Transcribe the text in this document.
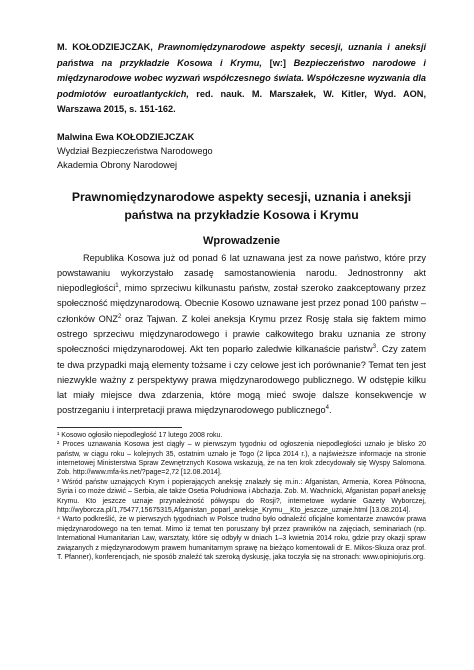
M. KOŁODZIEJCZAK, Prawnomiędzynarodowe aspekty secesji, uznania i aneksji państwa na przykładzie Kosowa i Krymu, [w:] Bezpieczeństwo narodowe i międzynarodowe wobec wyzwań współczesnego świata. Współczesne wyzwania dla podmiotów euroatlantyckich, red. nauk. M. Marszałek, W. Kitler, Wyd. AON, Warszawa 2015, s. 151-162.
Malwina Ewa KOŁODZIEJCZAK
Wydział Bezpieczeństwa Narodowego
Akademia Obrony Narodowej
Prawnomiędzynarodowe aspekty secesji, uznania i aneksji państwa na przykładzie Kosowa i Krymu
Wprowadzenie

Republika Kosowa już od ponad 6 lat uznawana jest za nowe państwo, które przy powstawaniu wykorzystało zasadę samostanowienia narodu. Jednostronny akt niepodległości$^1$, mimo sprzeciwu kilkunastu państw, został szeroko zaakceptowany przez społeczność międzynarodową. Obecnie Kosowo uznawane jest przez ponad 100 państw – członków ONZ$^2$ oraz Tajwan. Z kolei aneksja Krymu przez Rosję stała się faktem mimo ostrego sprzeciwu międzynarodowego i prawie całkowitego braku uznania ze strony społeczności międzynarodowej. Akt ten poparło zaledwie kilkanaście państw$^3$. Czy zatem te dwa przypadki mają elementy tożsame i czy celowe jest ich porównanie? Temat ten jest niezwykle ważny z perspektywy prawa międzynarodowego publicznego. W odstępie kilku lat miały miejsce dwa zdarzenia, które mogą mieć swoje dalsze konsekwencje w postrzeganiu i interpretacji prawa międzynarodowego publicznego$^4$.

¹ Kosowo ogłosiło niepodległość 17 lutego 2008 roku.
² Proces uznawania Kosowa jest ciągły – w pierwszym tygodniu od ogłoszenia niepodległości uznało je blisko 20 państw, w ciągu roku – kolejnych 35, ostatnim uznało je Togo (2 lipca 2014 r.), a najświeższe informacje na stronie internetowej Ministerstwa Spraw Zewnętrznych Kosowa wskazują, że na ten krok zdecydowały się Wyspy Salomona. Zob. http://www.mfa-ks.net/?page=2,72 [12.08.2014].
³ Wśród państw uznających Krym i popierających aneksję znalazły się m.in.: Afganistan, Armenia, Korea Północna, Syria i co może dziwić – Serbia, ale także Osetia Południowa i Abchazja. Zob. M. Wachnicki, Afganistan poparł aneksję Krymu. Kto jeszcze uznaje przynależność półwyspu do Rosji?, internetowe wydanie Gazety Wyborczej, http://wyborcza.pl/1,75477,15675315,Afganistan_poparl_aneksje_Krymu__Kto_jeszcze_uznaje.html [13.08.2014].
⁴ Warto podkreślić, że w pierwszych tygodniach w Polsce trudno było odnaleźć oficjalne komentarze znawców prawa międzynarodowego na ten temat. Mimo iż temat ten poruszany był przez prawników na zajęciach, seminariach (np. International Humanitarian Law, warsztaty, które się odbyły w dniach 1–3 kwietnia 2014 roku, gdzie przy okazji spraw związanych z międzynarodowym prawem humanitarnym sprawę na bieżąco komentowali dr E. Mikos-Skuza oraz prof. T. Pfanner), konferencjach, nie sposób znaleźć tak szeroką dyskusję, jaka toczyła się na stronach: www.opiniojuris.org.
